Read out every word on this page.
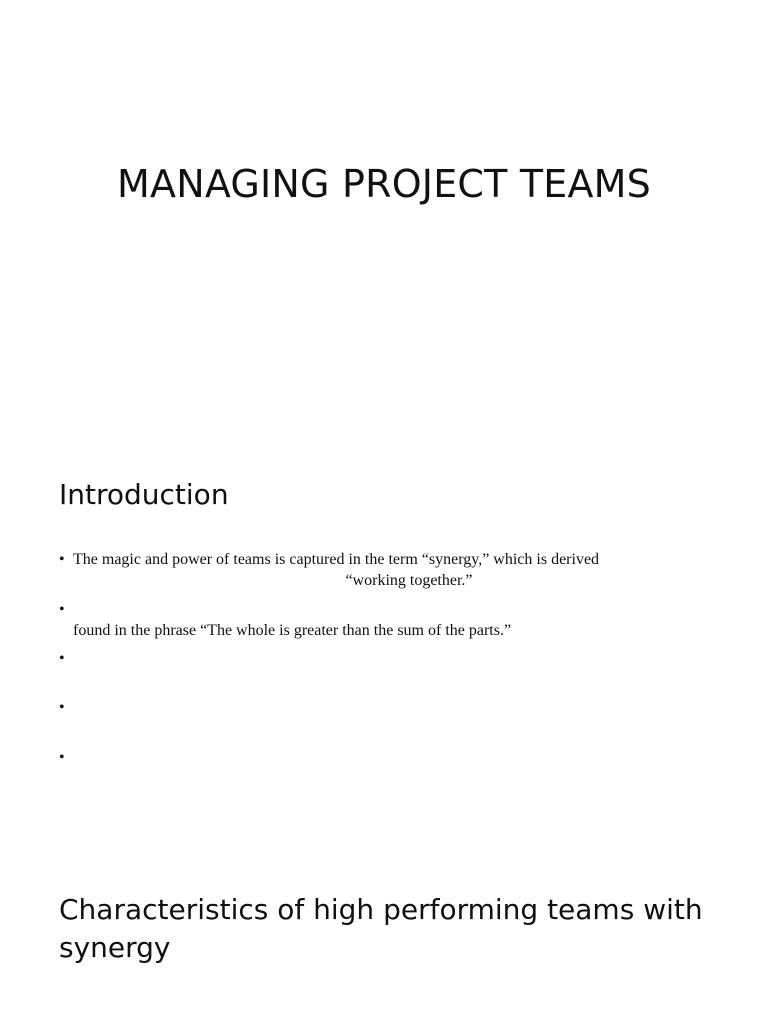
MANAGING PROJECT TEAMS
Introduction
• The magic and power of teams is captured in the term “synergy,” which is derived
“working together.”
•
found in the phrase “The whole is greater than the sum of the parts.”
•
•
•
Characteristics of high performing teams with synergy
